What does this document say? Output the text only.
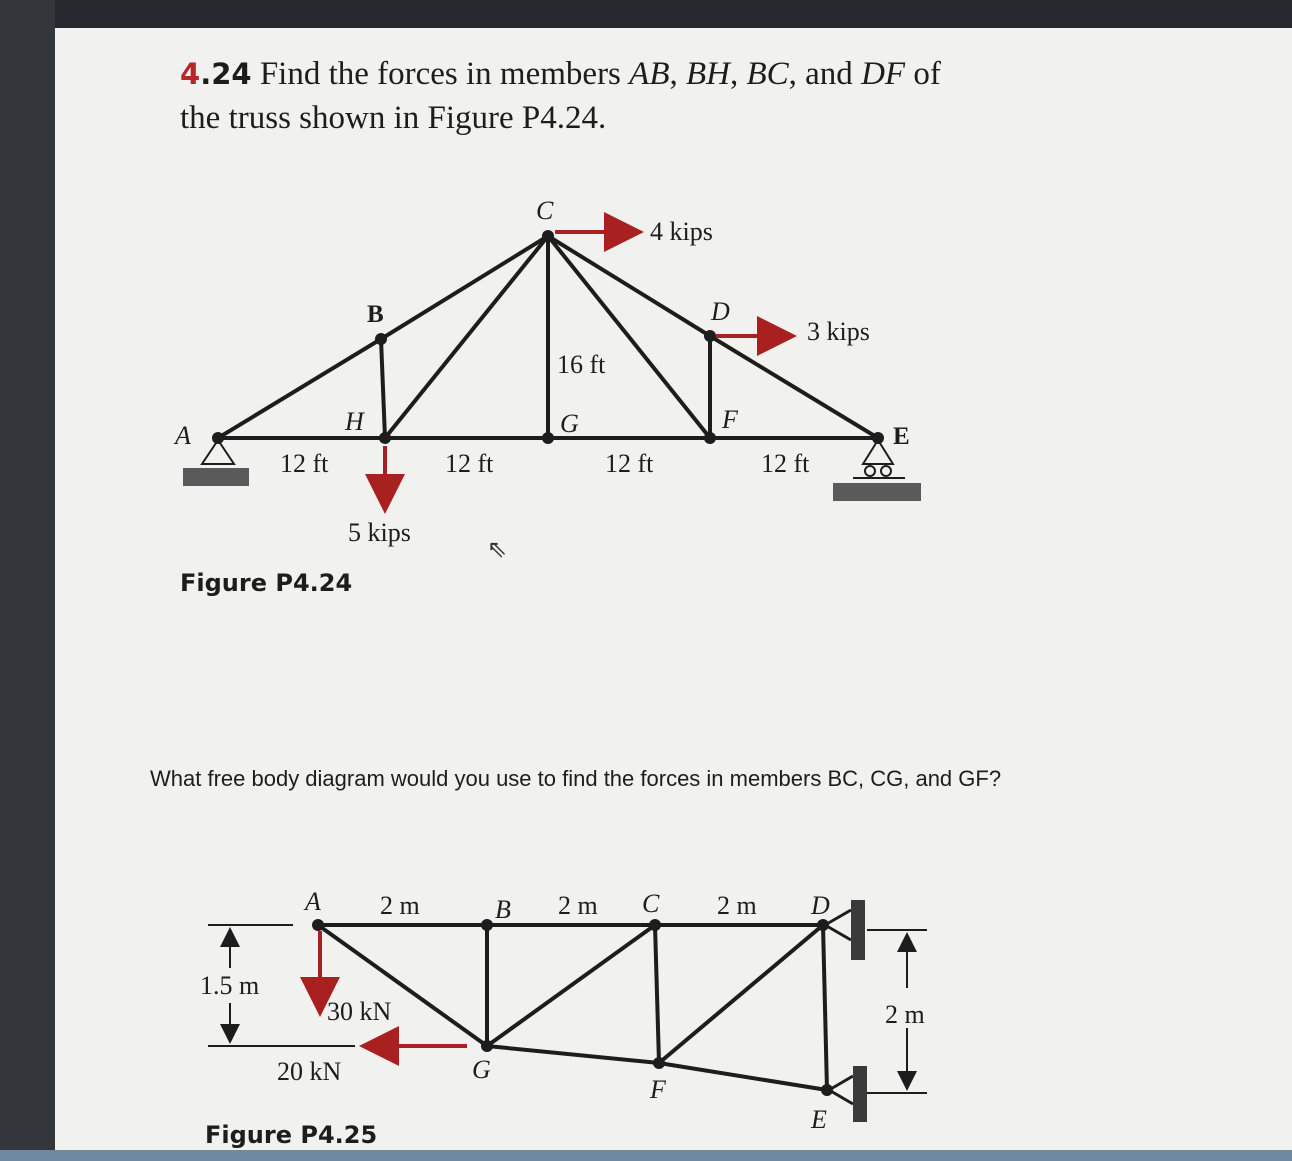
4.24 Find the forces in members AB, BH, BC, and DF of
the truss shown in Figure P4.24.
What free body diagram would you use to find the forces in members BC, CG, and GF?
⇖
A
B
C
D
E
F
G
H
12 ft	12 ft	12 ft	12 ft
16 ft
4 kips
3 kips
5 kips
Figure P4.24
A	B	C	D
E
F
G
2 m	2 m	2 m
1.5 m
2 m
30 kN
20 kN
Figure P4.25
